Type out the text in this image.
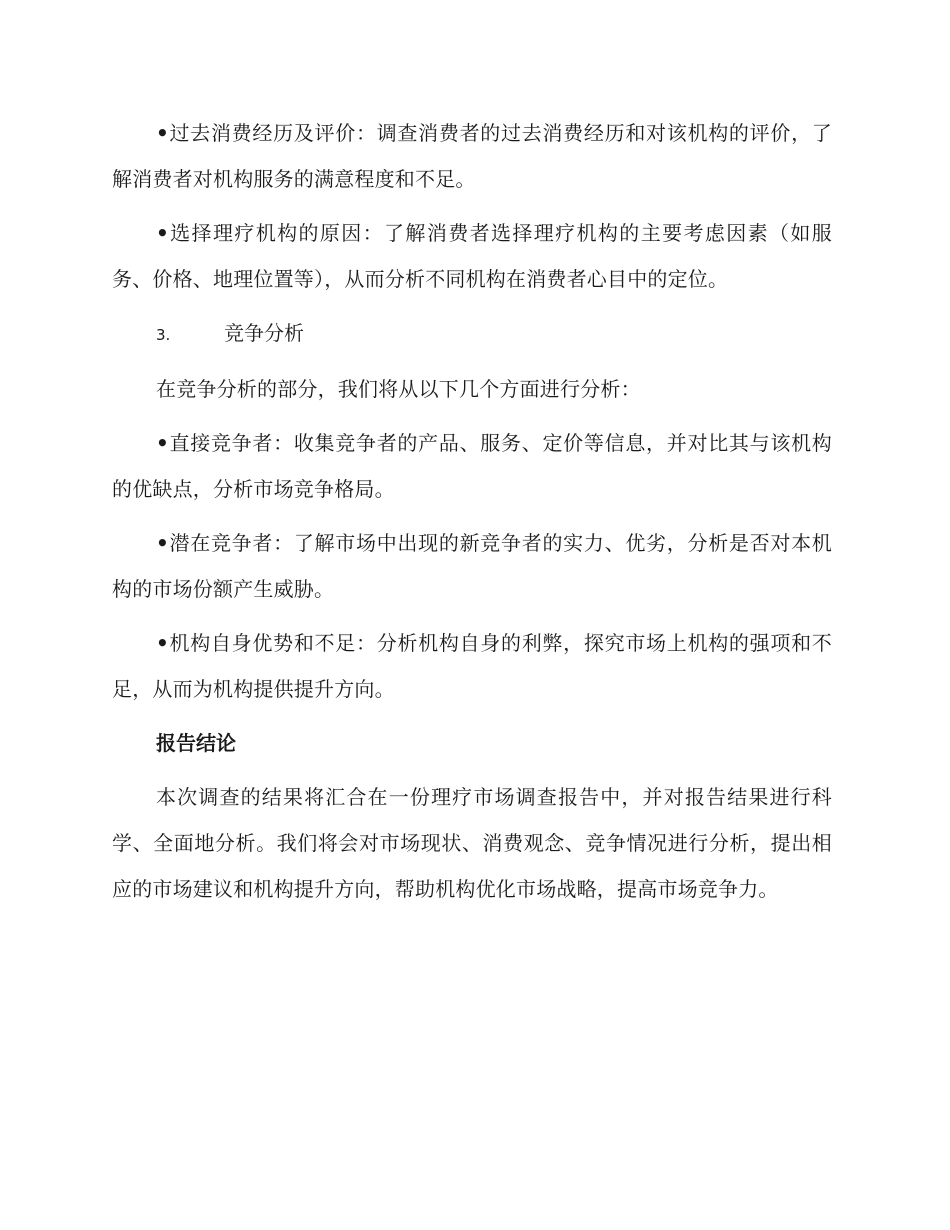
•过去消费经历及评价：调查消费者的过去消费经历和对该机构的评价，了解消费者对机构服务的满意程度和不足。

•选择理疗机构的原因：了解消费者选择理疗机构的主要考虑因素（如服务、价格、地理位置等），从而分析不同机构在消费者心目中的定位。

3.	竞争分析

在竞争分析的部分，我们将从以下几个方面进行分析：

•直接竞争者：收集竞争者的产品、服务、定价等信息，并对比其与该机构的优缺点，分析市场竞争格局。

•潜在竞争者：了解市场中出现的新竞争者的实力、优劣，分析是否对本机构的市场份额产生威胁。

•机构自身优势和不足：分析机构自身的利弊，探究市场上机构的强项和不足，从而为机构提供提升方向。

报告结论

本次调查的结果将汇合在一份理疗市场调查报告中，并对报告结果进行科学、全面地分析。我们将会对市场现状、消费观念、竞争情况进行分析，提出相应的市场建议和机构提升方向，帮助机构优化市场战略，提高市场竞争力。
